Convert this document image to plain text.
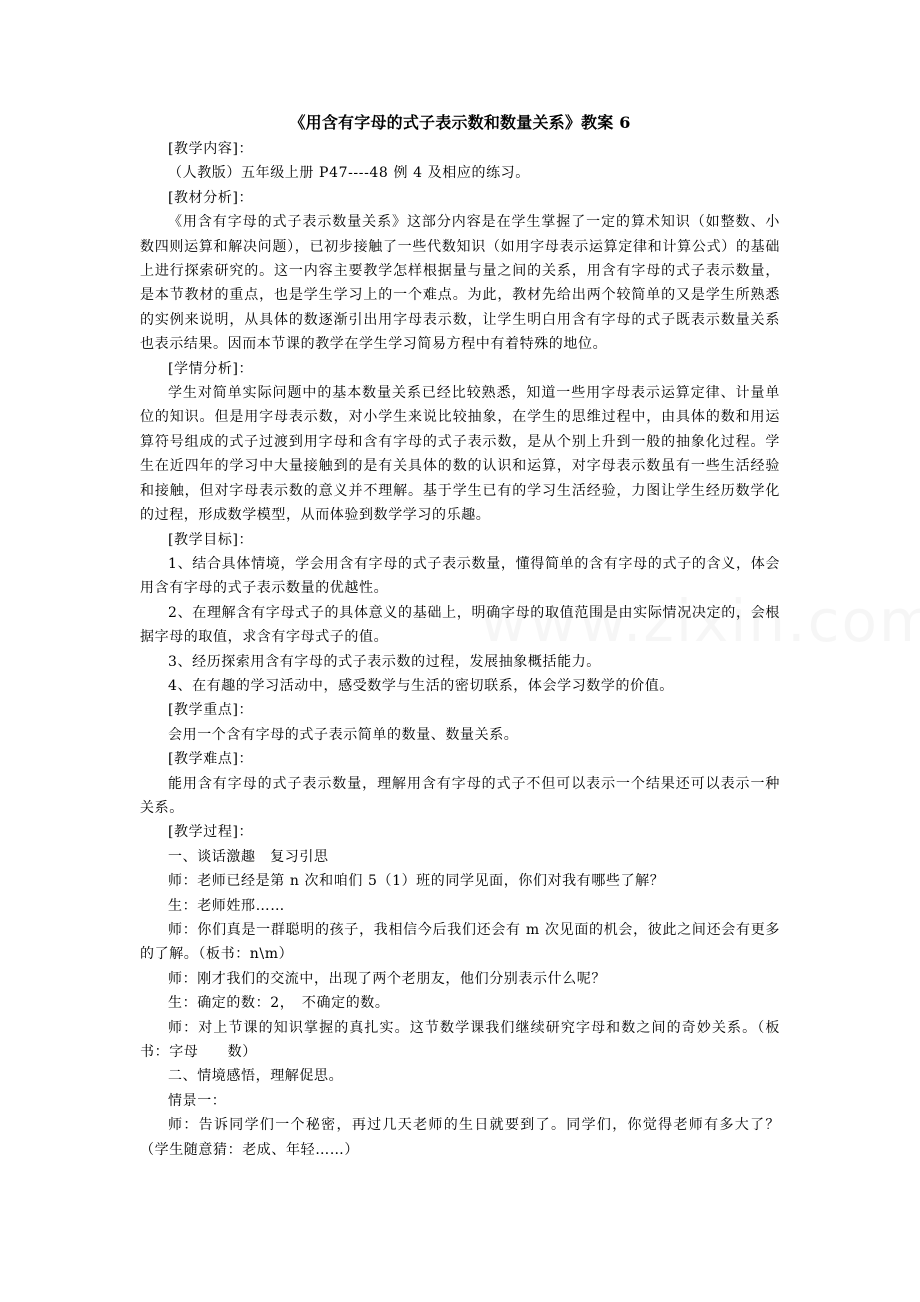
《用含有字母的式子表示数和数量关系》教案 6

[教学内容]：

（人教版）五年级上册 P47----48 例 4 及相应的练习。

[教材分析]：

《用含有字母的式子表示数量关系》这部分内容是在学生掌握了一定的算术知识（如整数、小数四则运算和解决问题），已初步接触了一些代数知识（如用字母表示运算定律和计算公式）的基础上进行探索研究的。这一内容主要教学怎样根据量与量之间的关系，用含有字母的式子表示数量，是本节教材的重点，也是学生学习上的一个难点。为此，教材先给出两个较简单的又是学生所熟悉的实例来说明，从具体的数逐渐引出用字母表示数，让学生明白用含有字母的式子既表示数量关系也表示结果。因而本节课的教学在学生学习简易方程中有着特殊的地位。

[学情分析]：

学生对简单实际问题中的基本数量关系已经比较熟悉，知道一些用字母表示运算定律、计量单位的知识。但是用字母表示数，对小学生来说比较抽象，在学生的思维过程中，由具体的数和用运算符号组成的式子过渡到用字母和含有字母的式子表示数，是从个别上升到一般的抽象化过程。学生在近四年的学习中大量接触到的是有关具体的数的认识和运算，对字母表示数虽有一些生活经验和接触，但对字母表示数的意义并不理解。基于学生已有的学习生活经验，力图让学生经历数学化的过程，形成数学模型，从而体验到数学学习的乐趣。

[教学目标]：

1、结合具体情境，学会用含有字母的式子表示数量，懂得简单的含有字母的式子的含义，体会用含有字母的式子表示数量的优越性。

2、在理解含有字母式子的具体意义的基础上，明确字母的取值范围是由实际情况决定的，会根据字母的取值，求含有字母式子的值。

3、经历探索用含有字母的式子表示数的过程，发展抽象概括能力。

4、在有趣的学习活动中，感受数学与生活的密切联系，体会学习数学的价值。

[教学重点]：

会用一个含有字母的式子表示简单的数量、数量关系。

[教学难点]：

能用含有字母的式子表示数量，理解用含有字母的式子不但可以表示一个结果还可以表示一种关系。

[教学过程]：

一、谈话激趣　复习引思

师：老师已经是第 n 次和咱们 5（1）班的同学见面，你们对我有哪些了解？

生：老师姓邢……

师：你们真是一群聪明的孩子，我相信今后我们还会有 m 次见面的机会，彼此之间还会有更多的了解。（板书：n\m）

师：刚才我们的交流中，出现了两个老朋友，他们分别表示什么呢？

生：确定的数：2，　不确定的数。

师：对上节课的知识掌握的真扎实。这节数学课我们继续研究字母和数之间的奇妙关系。（板书：字母　　数）

二、情境感悟，理解促思。

情景一：

师：告诉同学们一个秘密，再过几天老师的生日就要到了。同学们，你觉得老师有多大了？（学生随意猜：老成、年轻……）
